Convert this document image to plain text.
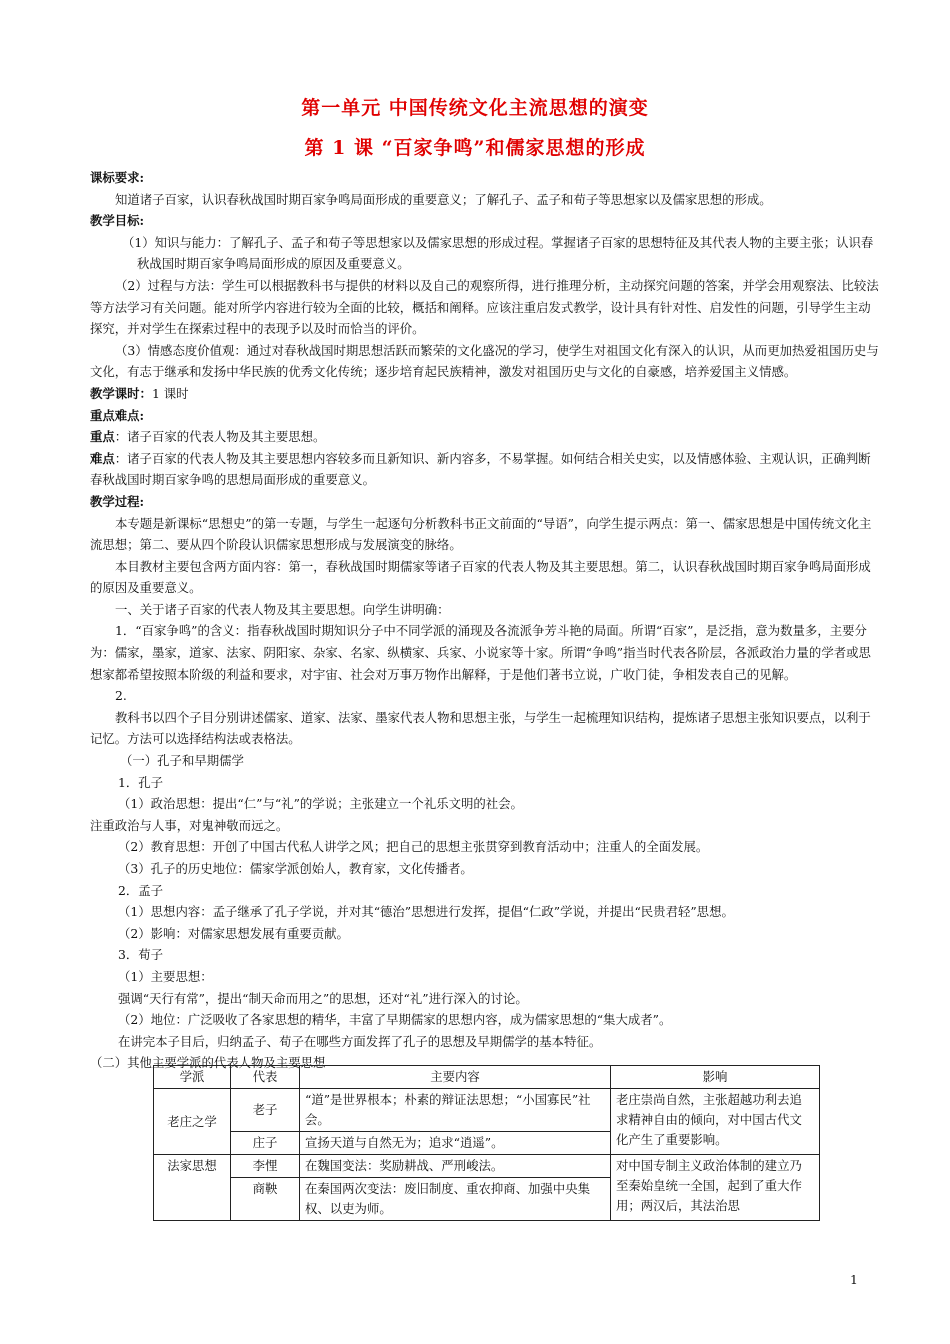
第一单元 中国传统文化主流思想的演变
第 1 课 “百家争鸣”和儒家思想的形成

课标要求:

知道诸子百家，认识春秋战国时期百家争鸣局面形成的重要意义；了解孔子、孟子和荀子等思想家以及儒家思想的形成。

教学目标:

（1）知识与能力：了解孔子、孟子和荀子等思想家以及儒家思想的形成过程。掌握诸子百家的思想特征及其代表人物的主要主张；认识春秋战国时期百家争鸣局面形成的原因及重要意义。

（2）过程与方法：学生可以根据教科书与提供的材料以及自己的观察所得，进行推理分析，主动探究问题的答案，并学会用观察法、比较法等方法学习有关问题。能对所学内容进行较为全面的比较，概括和阐释。应该注重启发式教学，设计具有针对性、启发性的问题，引导学生主动探究，并对学生在探索过程中的表现予以及时而恰当的评价。

（3）情感态度价值观：通过对春秋战国时期思想活跃而繁荣的文化盛况的学习，使学生对祖国文化有深入的认识，从而更加热爱祖国历史与文化，有志于继承和发扬中华民族的优秀文化传统；逐步培育起民族精神，激发对祖国历史与文化的自豪感，培养爱国主义情感。

教学课时：1 课时

重点难点:

重点：诸子百家的代表人物及其主要思想。

难点：诸子百家的代表人物及其主要思想内容较多而且新知识、新内容多，不易掌握。如何结合相关史实，以及情感体验、主观认识，正确判断春秋战国时期百家争鸣的思想局面形成的重要意义。

教学过程:

本专题是新课标“思想史”的第一专题，与学生一起逐句分析教科书正文前面的“导语”，向学生提示两点：第一、儒家思想是中国传统文化主流思想；第二、要从四个阶段认识儒家思想形成与发展演变的脉络。

本目教材主要包含两方面内容：第一，春秋战国时期儒家等诸子百家的代表人物及其主要思想。第二，认识春秋战国时期百家争鸣局面形成的原因及重要意义。

一、关于诸子百家的代表人物及其主要思想。向学生讲明确：

1．“百家争鸣”的含义：指春秋战国时期知识分子中不同学派的涌现及各流派争芳斗艳的局面。所谓“百家”，是泛指，意为数量多，主要分为：儒家，墨家，道家、法家、阴阳家、杂家、名家、纵横家、兵家、小说家等十家。所谓“争鸣”指当时代表各阶层，各派政治力量的学者或思想家都希望按照本阶级的利益和要求，对宇宙、社会对万事万物作出解释，于是他们著书立说，广收门徒，争相发表自己的见解。

2.

教科书以四个子目分别讲述儒家、道家、法家、墨家代表人物和思想主张，与学生一起梳理知识结构，提炼诸子思想主张知识要点，以利于记忆。方法可以选择结构法或表格法。

（一）孔子和早期儒学

1．孔子

（1）政治思想：提出“仁”与“礼”的学说；主张建立一个礼乐文明的社会。

注重政治与人事，对鬼神敬而远之。

（2）教育思想：开创了中国古代私人讲学之风；把自己的思想主张贯穿到教育活动中；注重人的全面发展。

（3）孔子的历史地位：儒家学派创始人，教育家，文化传播者。

2．孟子

（1）思想内容：孟子继承了孔子学说，并对其“德治”思想进行发挥，提倡“仁政”学说，并提出“民贵君轻”思想。

（2）影响：对儒家思想发展有重要贡献。

3．荀子

（1）主要思想：

强调“天行有常”，提出“制天命而用之”的思想，还对“礼”进行深入的讨论。

（2）地位：广泛吸收了各家思想的精华，丰富了早期儒家的思想内容，成为儒家思想的“集大成者”。

在讲完本子目后，归纳孟子、荀子在哪些方面发挥了孔子的思想及早期儒学的基本特征。

（二）其他主要学派的代表人物及主要思想

学派	代表	主要内容	影响
老庄之学	老子	“道”是世界根本；朴素的辩证法思想；“小国寡民”社会。	老庄崇尚自然，主张超越功利去追求精神自由的倾向，对中国古代文化产生了重要影响。
	庄子	宣扬天道与自然无为；追求“逍遥”。	
法家思想	李悝	在魏国变法：奖励耕战、严刑峻法。	对中国专制主义政治体制的建立乃至秦始皇统一全国，起到了重大作用；两汉后，其法治思
	商鞅	在秦国两次变法：废旧制度、重农抑商、加强中央集权、以吏为师。	
1
